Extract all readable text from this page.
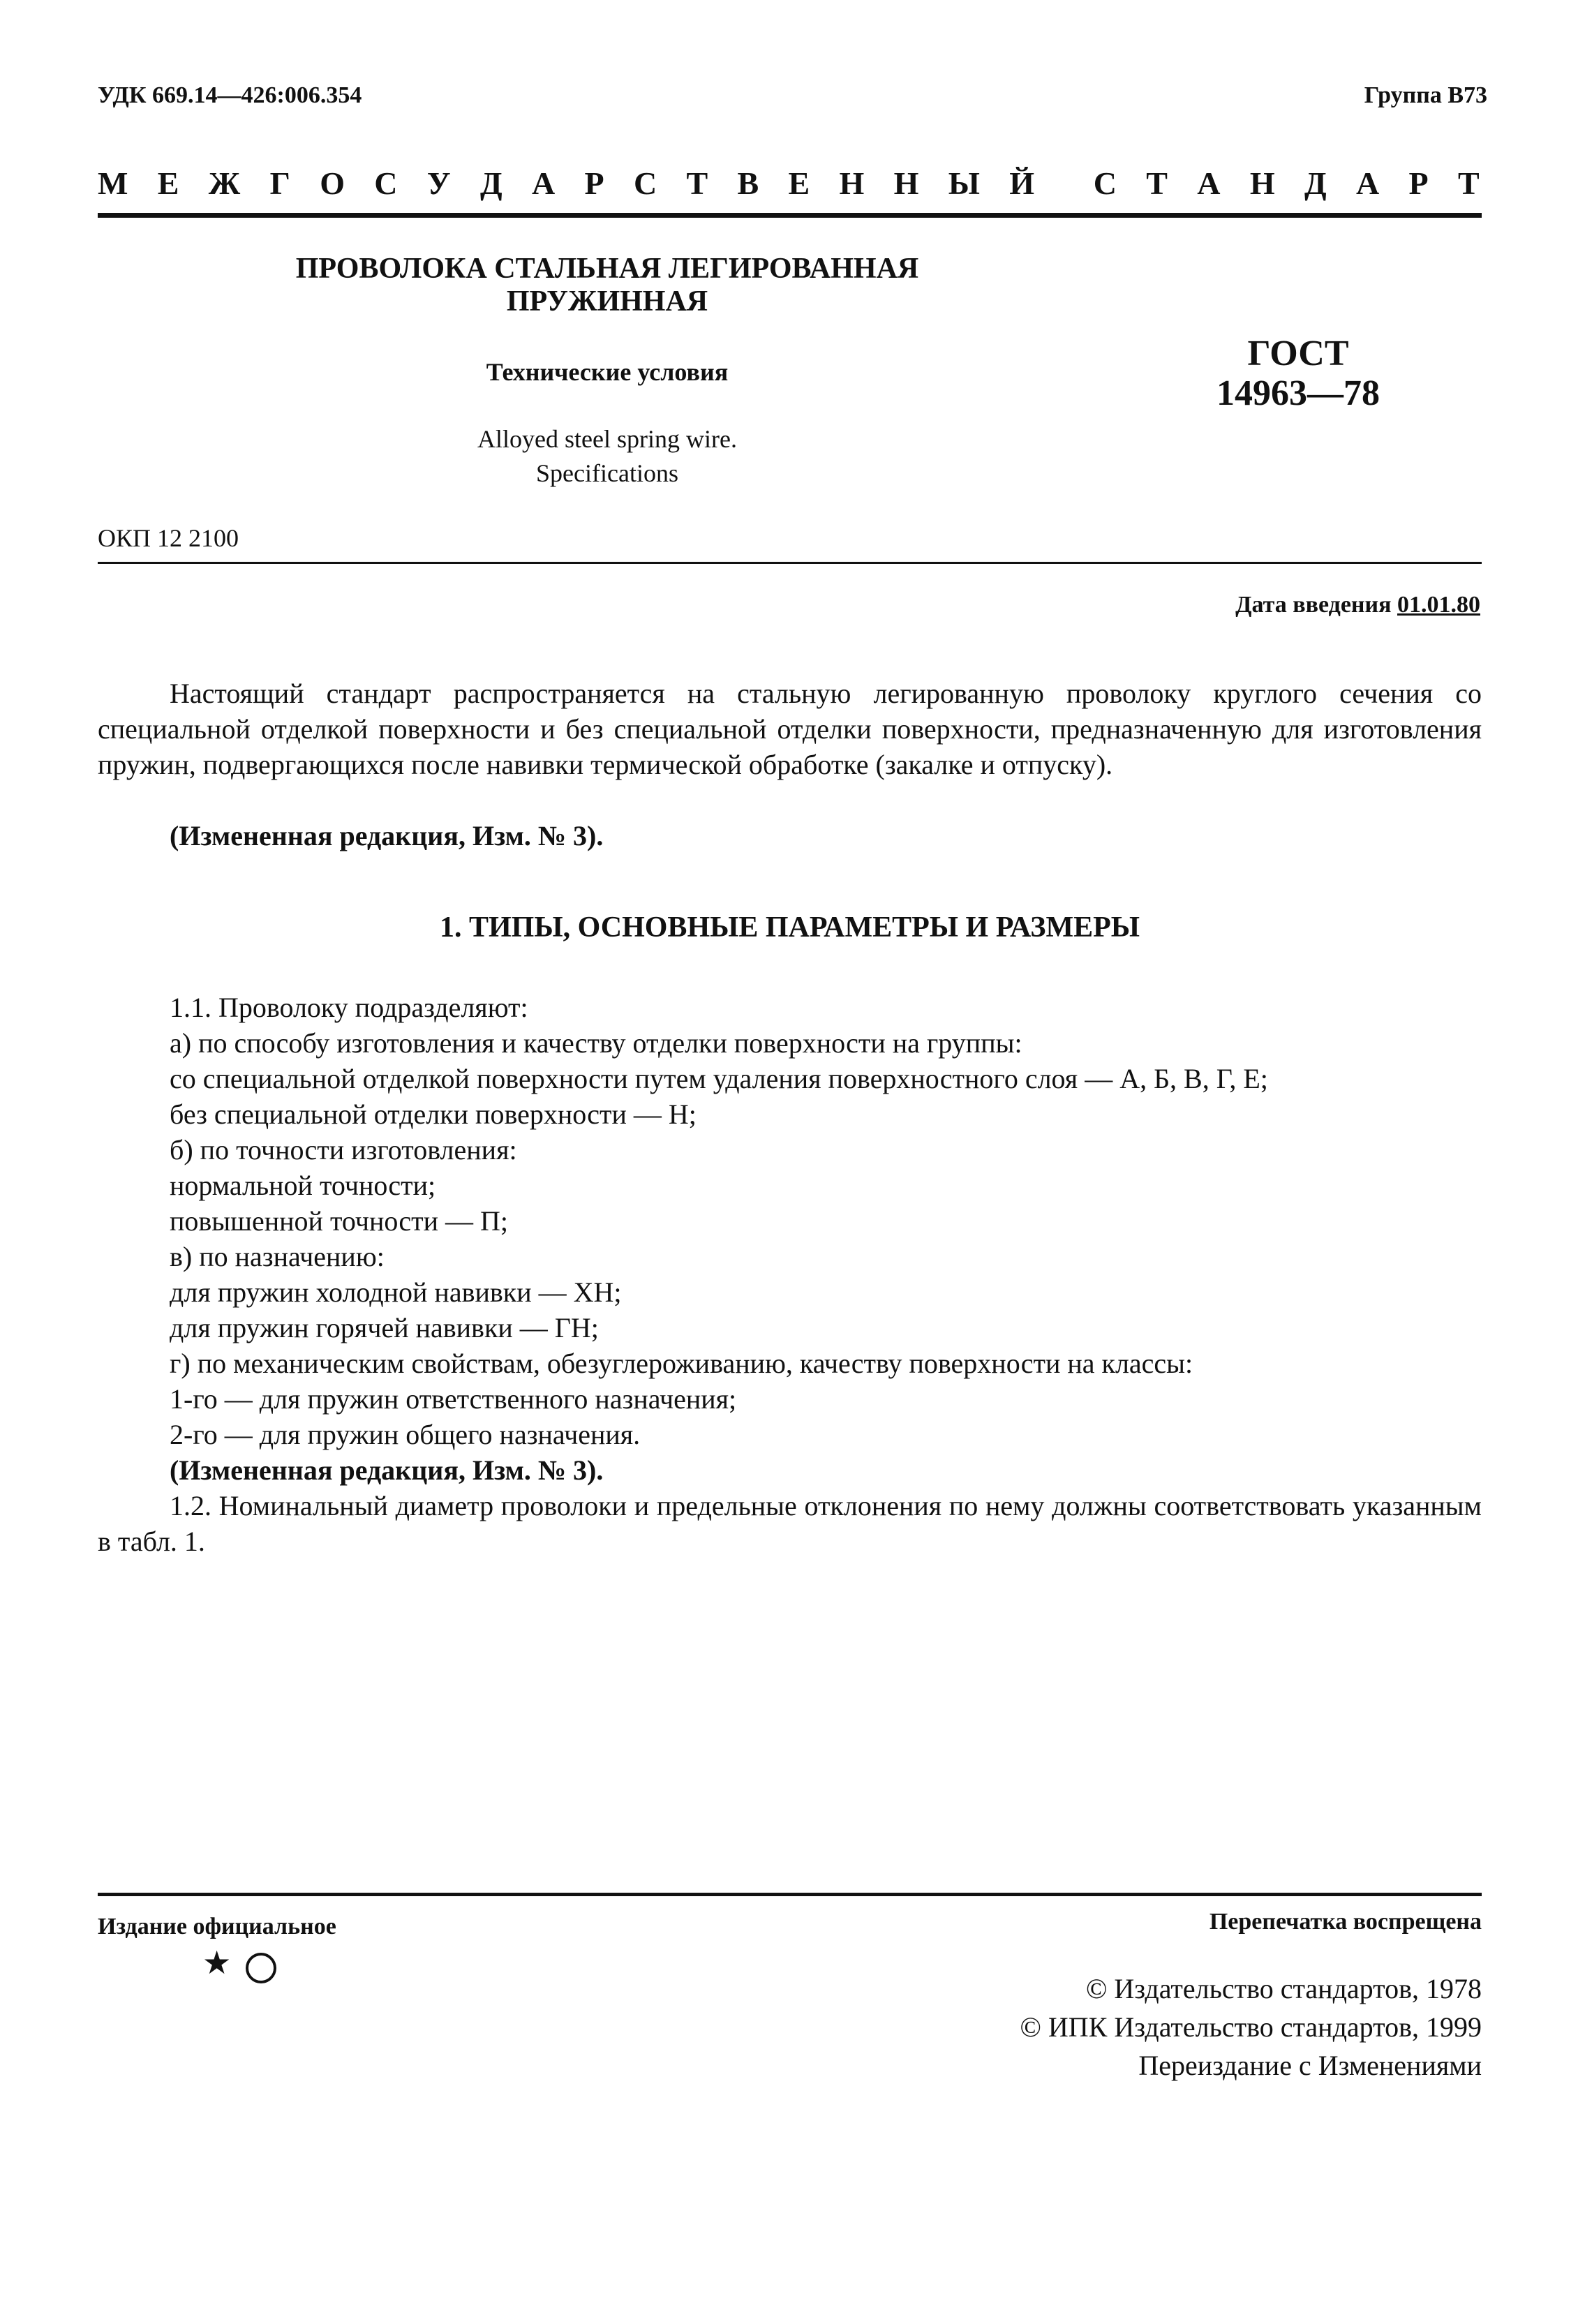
УДК 669.14—426:006.354	Группа В73
М Е Ж Г О С У Д А Р С Т В Е Н Н Ы Й С Т А Н Д А Р Т
ПРОВОЛОКА СТАЛЬНАЯ ЛЕГИРОВАННАЯ
ПРУЖИННАЯ
Технические условия
Alloyed steel spring wire.
Specifications
ГОСТ
14963—78
ОКП 12 2100
Дата введения 01.01.80
Настоящий стандарт распространяется на стальную легированную проволоку круглого сечения со специальной отделкой поверхности и без специальной отделки поверхности, предназначенную для изготовления пружин, подвергающихся после навивки термической обработке (закалке и отпуску).
(Измененная редакция, Изм. № 3).
1. ТИПЫ, ОСНОВНЫЕ ПАРАМЕТРЫ И РАЗМЕРЫ
1.1. Проволоку подразделяют:
а) по способу изготовления и качеству отделки поверхности на группы:
со специальной отделкой поверхности путем удаления поверхностного слоя — А, Б, В, Г, Е;
без специальной отделки поверхности — Н;
б) по точности изготовления:
нормальной точности;
повышенной точности — П;
в) по назначению:
для пружин холодной навивки — ХН;
для пружин горячей навивки — ГН;
г) по механическим свойствам, обезуглероживанию, качеству поверхности на классы:
1-го — для пружин ответственного назначения;
2-го — для пружин общего назначения.
(Измененная редакция, Изм. № 3).
1.2. Номинальный диаметр проволоки и предельные отклонения по нему должны соответствовать указанным в табл. 1.
Издание официальное	Перепечатка воспрещена
★
© Издательство стандартов, 1978
© ИПК Издательство стандартов, 1999
Переиздание с Изменениями
